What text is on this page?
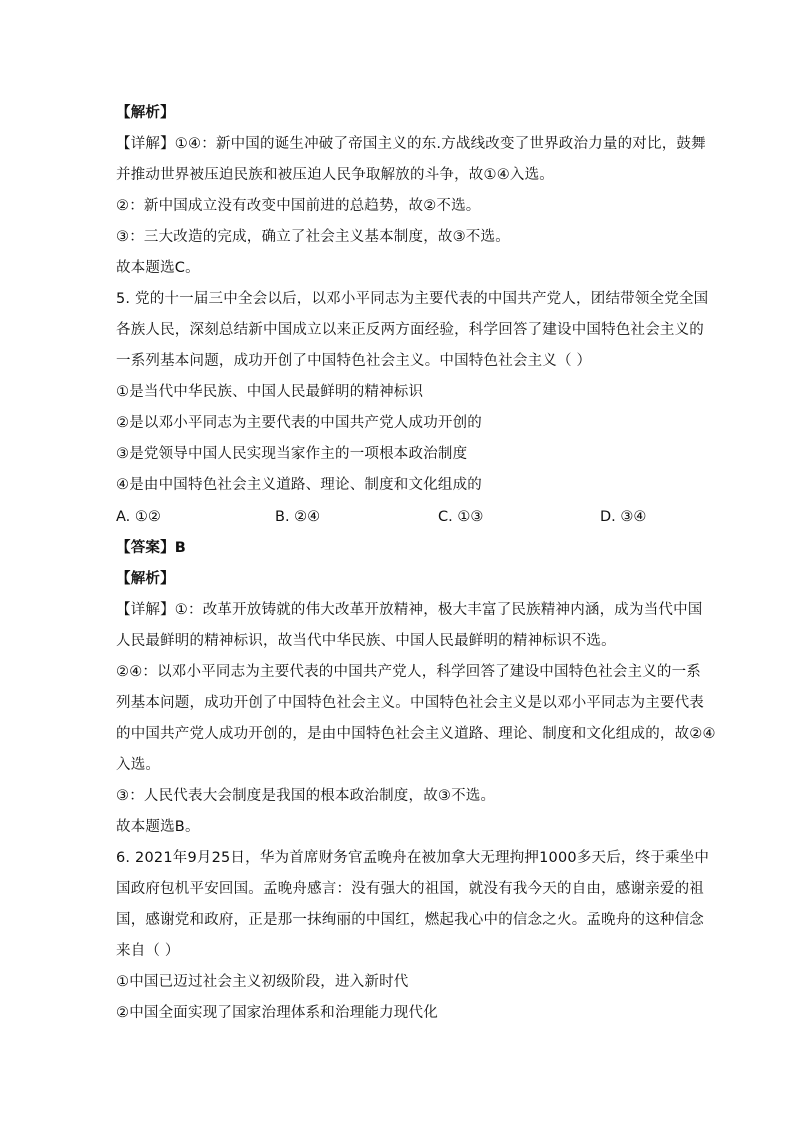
【解析】
【详解】①④：新中国的诞生冲破了帝国主义的东.方战线改变了世界政治力量的对比，鼓舞
并推动世界被压迫民族和被压迫人民争取解放的斗争，故①④入选。
②：新中国成立没有改变中国前进的总趋势，故②不选。
③：三大改造的完成，确立了社会主义基本制度，故③不选。
故本题选C。
5. 党的十一届三中全会以后，以邓小平同志为主要代表的中国共产党人，团结带领全党全国
各族人民，深刻总结新中国成立以来正反两方面经验，科学回答了建设中国特色社会主义的
一系列基本问题，成功开创了中国特色社会主义。中国特色社会主义（ ）
①是当代中华民族、中国人民最鲜明的精神标识
②是以邓小平同志为主要代表的中国共产党人成功开创的
③是党领导中国人民实现当家作主的一项根本政治制度
④是由中国特色社会主义道路、理论、制度和文化组成的
A. ①②	B. ②④	C. ①③	D. ③④
【答案】B
【解析】
【详解】①：改革开放铸就的伟大改革开放精神，极大丰富了民族精神内涵，成为当代中国
人民最鲜明的精神标识，故当代中华民族、中国人民最鲜明的精神标识不选。
②④：以邓小平同志为主要代表的中国共产党人，科学回答了建设中国特色社会主义的一系
列基本问题，成功开创了中国特色社会主义。中国特色社会主义是以邓小平同志为主要代表
的中国共产党人成功开创的，是由中国特色社会主义道路、理论、制度和文化组成的，故②④
入选。
③：人民代表大会制度是我国的根本政治制度，故③不选。
故本题选B。
6. 2021年9月25日，华为首席财务官孟晚舟在被加拿大无理拘押1000多天后，终于乘坐中
国政府包机平安回国。孟晚舟感言：没有强大的祖国，就没有我今天的自由，感谢亲爱的祖
国，感谢党和政府，正是那一抹绚丽的中国红，燃起我心中的信念之火。孟晚舟的这种信念
来自（ ）
①中国已迈过社会主义初级阶段，进入新时代
②中国全面实现了国家治理体系和治理能力现代化
